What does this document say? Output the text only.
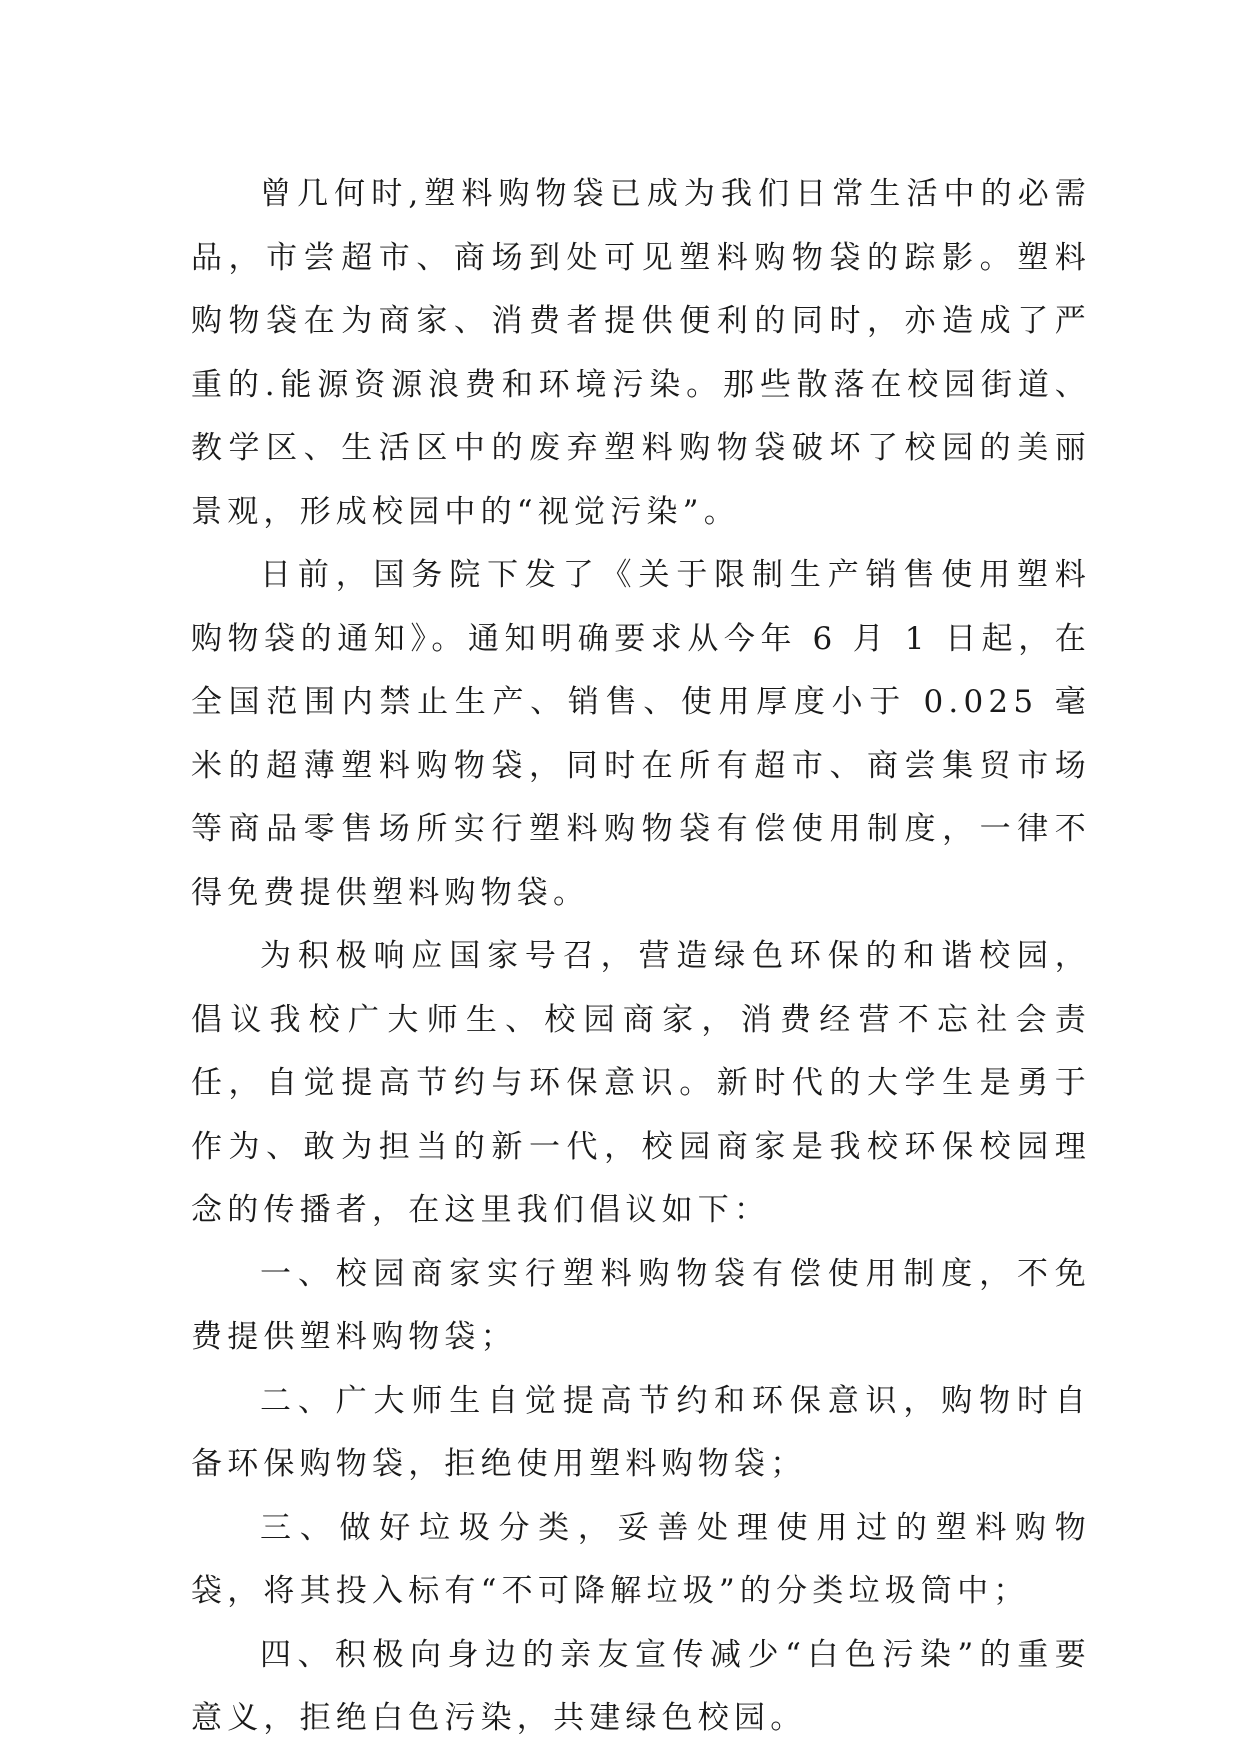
曾几何时,塑料购物袋已成为我们日常生活中的必需品，市尝超市、商场到处可见塑料购物袋的踪影。塑料购物袋在为商家、消费者提供便利的同时，亦造成了严重的.能源资源浪费和环境污染。那些散落在校园街道、教学区、生活区中的废弃塑料购物袋破坏了校园的美丽景观，形成校园中的“视觉污染”。

日前，国务院下发了《关于限制生产销售使用塑料购物袋的通知》。通知明确要求从今年 6 月 1 日起，在全国范围内禁止生产、销售、使用厚度小于 0.025 毫米的超薄塑料购物袋，同时在所有超市、商尝集贸市场等商品零售场所实行塑料购物袋有偿使用制度，一律不得免费提供塑料购物袋。

为积极响应国家号召，营造绿色环保的和谐校园，倡议我校广大师生、校园商家，消费经营不忘社会责任，自觉提高节约与环保意识。新时代的大学生是勇于作为、敢为担当的新一代，校园商家是我校环保校园理念的传播者，在这里我们倡议如下：

一、校园商家实行塑料购物袋有偿使用制度，不免费提供塑料购物袋；

二、广大师生自觉提高节约和环保意识，购物时自备环保购物袋，拒绝使用塑料购物袋；

三、做好垃圾分类，妥善处理使用过的塑料购物袋，将其投入标有“不可降解垃圾”的分类垃圾筒中；

四、积极向身边的亲友宣传减少“白色污染”的重要意义，拒绝白色污染，共建绿色校园。
